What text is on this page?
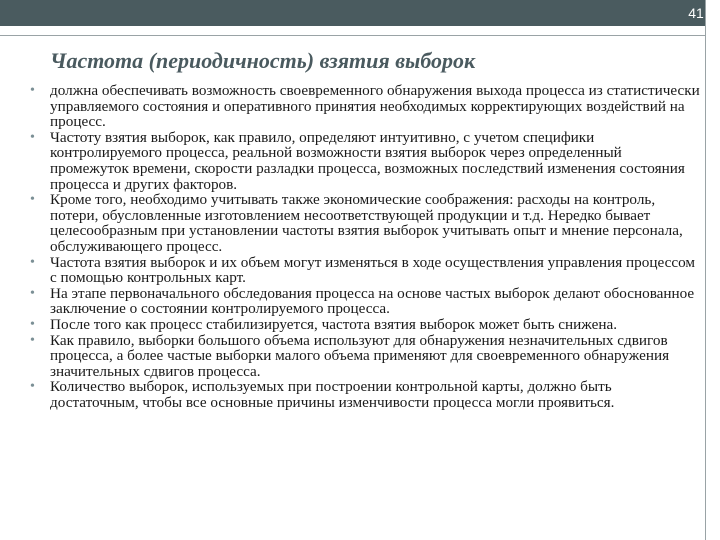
41
Частота (периодичность) взятия выборок
• должна обеспечивать возможность своевременного обнаружения выхода процесса из статистически управляемого состояния и оперативного принятия необходимых корректирующих воздействий на процесс.
• Частоту взятия выборок, как правило, определяют интуитивно, с учетом специфики контролируемого процесса, реальной возможности взятия выборок через определенный промежуток времени, скорости разладки процесса, возможных последствий изменения состояния процесса и других факторов.
• Кроме того, необходимо учитывать также экономические соображения: расходы на контроль, потери, обусловленные изготовлением несоответствующей продукции и т.д. Нередко бывает целесообразным при установлении частоты взятия выборок учитывать опыт и мнение персонала, обслуживающего процесс.
• Частота взятия выборок и их объем могут изменяться в ходе осуществления управления процессом с помощью контрольных карт.
• На этапе первоначального обследования процесса на основе частых выборок делают обоснованное заключение о состоянии контролируемого процесса.
• После того как процесс стабилизируется, частота взятия выборок может быть снижена.
• Как правило, выборки большого объема используют для обнаружения незначительных сдвигов процесса, а более частые выборки малого объема применяют для своевременного обнаружения значительных сдвигов процесса.
• Количество выборок, используемых при построении контрольной карты, должно быть достаточным, чтобы все основные причины изменчивости процесса могли проявиться.
